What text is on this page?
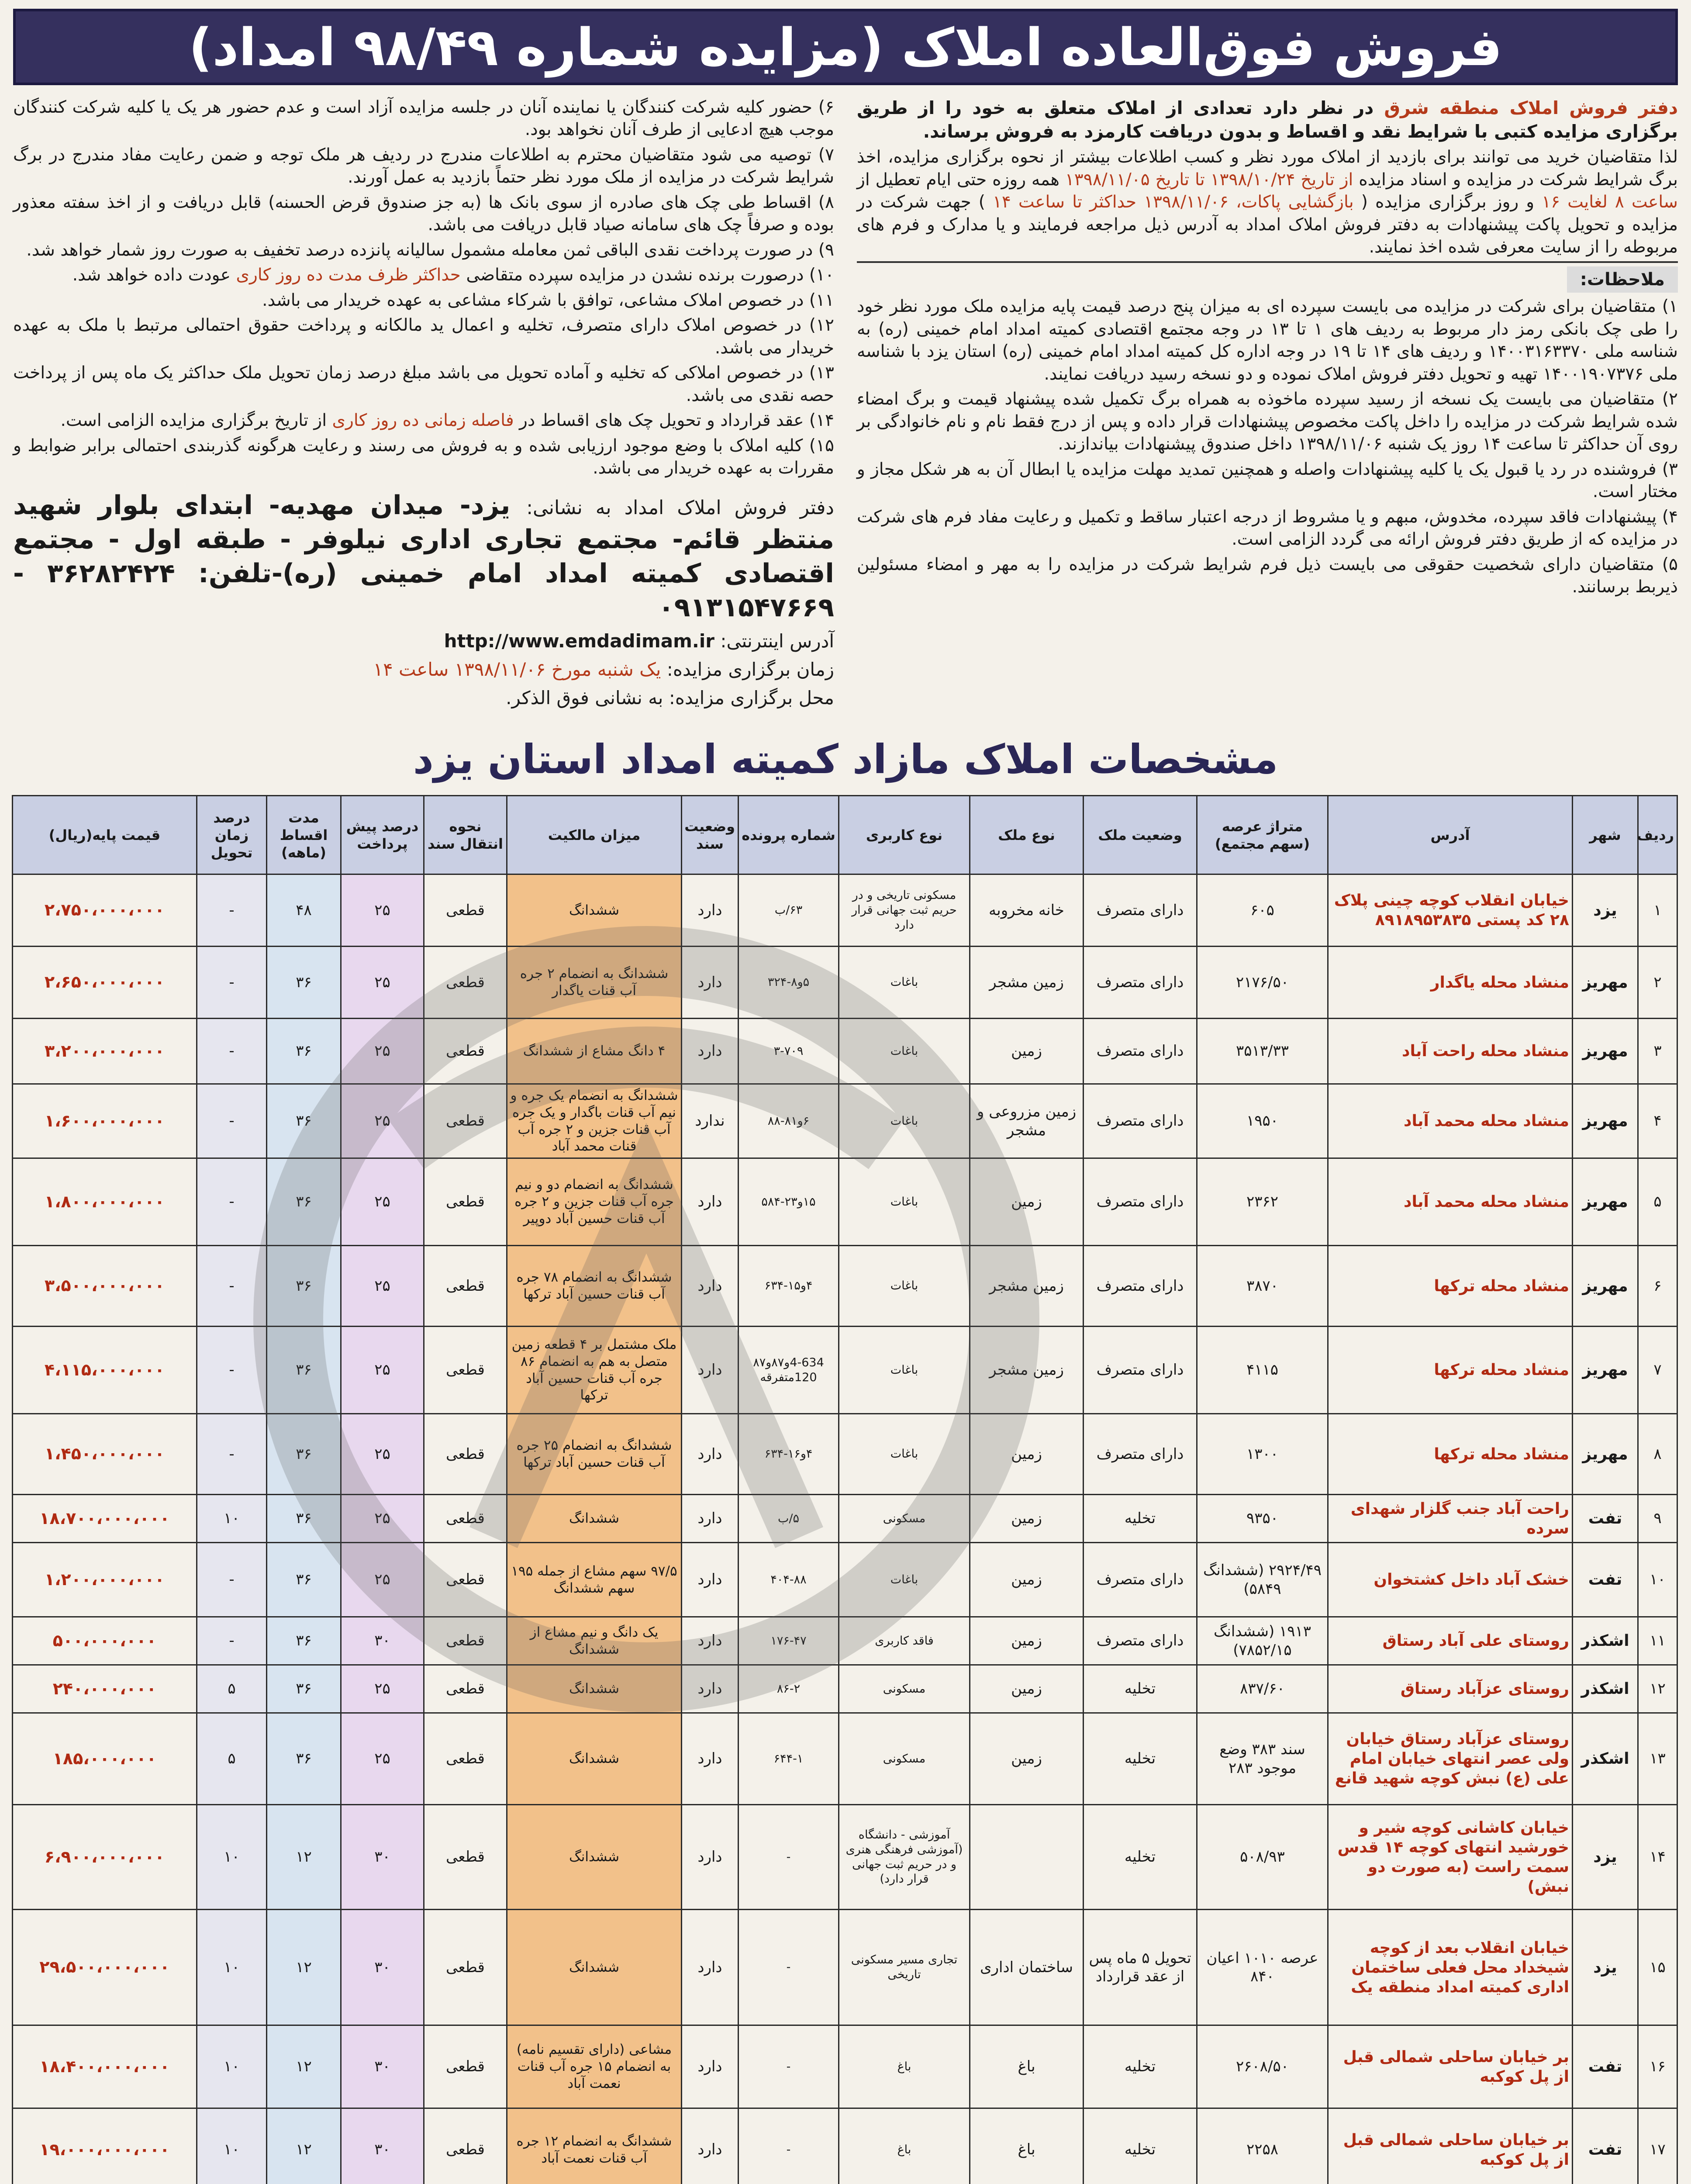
فروش فوق‌العاده املاک (مزایده شماره ۹۸/۴۹ امداد)
دفتر فروش املاک منطقه شرق در نظر دارد تعدادی از املاک متعلق به خود را از طریق برگزاری مزایده کتبی با شرایط نقد و اقساط و بدون دریافت کارمزد به فروش برساند.
لذا متقاضیان خرید می توانند برای بازدید از املاک مورد نظر و کسب اطلاعات بیشتر از نحوه برگزاری مزایده، اخذ برگ شرایط شرکت در مزایده و اسناد مزایده از تاریخ ۱۳۹۸/۱۰/۲۴ تا تاریخ ۱۳۹۸/۱۱/۰۵ همه روزه حتی ایام تعطیل از ساعت ۸ لغایت ۱۶ و روز برگزاری مزایده ( بازگشایی پاکات، ۱۳۹۸/۱۱/۰۶ حداکثر تا ساعت ۱۴ ) جهت شرکت در مزایده و تحویل پاکت پیشنهادات به دفتر فروش املاک امداد به آدرس ذیل مراجعه فرمایند و یا مدارک و فرم های مربوطه را از سایت معرفی شده اخذ نمایند.
ملاحظات:
۱) متقاضیان برای شرکت در مزایده می بایست سپرده ای به میزان پنج درصد قیمت پایه مزایده ملک مورد نظر خود را طی چک بانکی رمز دار مربوط به ردیف های ۱ تا ۱۳ در وجه مجتمع اقتصادی کمیته امداد امام خمینی (ره) به شناسه ملی ۱۴۰۰۳۱۶۳۳۷۰ و ردیف های ۱۴ تا ۱۹ در وجه اداره کل کمیته امداد امام خمینی (ره) استان یزد با شناسه ملی ۱۴۰۰۱۹۰۷۳۷۶ تهیه و تحویل دفتر فروش املاک نموده و دو نسخه رسید دریافت نمایند.
۲) متقاضیان می بایست یک نسخه از رسید سپرده ماخوذه به همراه برگ تکمیل شده پیشنهاد قیمت و برگ امضاء شده شرایط شرکت در مزایده را داخل پاکت مخصوص پیشنهادات قرار داده و پس از درج فقط نام و نام خانوادگی بر روی آن حداکثر تا ساعت ۱۴ روز یک شنبه ۱۳۹۸/۱۱/۰۶ داخل صندوق پیشنهادات بیاندازند.
۳) فروشنده در رد یا قبول یک یا کلیه پیشنهادات واصله و همچنین تمدید مهلت مزایده یا ابطال آن به هر شکل مجاز و مختار است.
۴) پیشنهادات فاقد سپرده، مخدوش، مبهم و یا مشروط از درجه اعتبار ساقط و تکمیل و رعایت مفاد فرم های شرکت در مزایده که از طریق دفتر فروش ارائه می گردد الزامی است.
۵) متقاضیان دارای شخصیت حقوقی می بایست ذیل فرم شرایط شرکت در مزایده را به مهر و امضاء مسئولین ذیربط برسانند.
۶) حضور کلیه شرکت کنندگان یا نماینده آنان در جلسه مزایده آزاد است و عدم حضور هر یک یا کلیه شرکت کنندگان موجب هیچ ادعایی از طرف آنان نخواهد بود.
۷) توصیه می شود متقاضیان محترم به اطلاعات مندرج در ردیف هر ملک توجه و ضمن رعایت مفاد مندرج در برگ شرایط شرکت در مزایده از ملک مورد نظر حتماً بازدید به عمل آورند.
۸) اقساط طی چک های صادره از سوی بانک ها (به جز صندوق قرض الحسنه) قابل دریافت و از اخذ سفته معذور بوده و صرفاً چک های سامانه صیاد قابل دریافت می باشد.
۹) در صورت پرداخت نقدی الباقی ثمن معامله مشمول سالیانه پانزده درصد تخفیف به صورت روز شمار خواهد شد.
۱۰) درصورت برنده نشدن در مزایده سپرده متقاضی حداکثر ظرف مدت ده روز کاری عودت داده خواهد شد.
۱۱) در خصوص املاک مشاعی، توافق با شرکاء مشاعی به عهده خریدار می باشد.
۱۲) در خصوص املاک دارای متصرف، تخلیه و اعمال ید مالکانه و پرداخت حقوق احتمالی مرتبط با ملک به عهده خریدار می باشد.
۱۳) در خصوص املاکی که تخلیه و آماده تحویل می باشد مبلغ درصد زمان تحویل ملک حداکثر یک ماه پس از پرداخت حصه نقدی می باشد.
۱۴) عقد قرارداد و تحویل چک های اقساط در فاصله زمانی ده روز کاری از تاریخ برگزاری مزایده الزامی است.
۱۵) کلیه املاک با وضع موجود ارزیابی شده و به فروش می رسند و رعایت هرگونه گذربندی احتمالی برابر ضوابط و مقررات به عهده خریدار می باشد.
دفتر فروش املاک امداد به نشانی: یزد- میدان مهدیه- ابتدای بلوار شهید منتظر قائم- مجتمع تجاری اداری نیلوفر - طبقه اول - مجتمع اقتصادی کمیته امداد امام خمینی (ره)-تلفن: ۳۶۲۸۲۴۲۴ - ۰۹۱۳۱۵۴۷۶۶۹
آدرس اینترنتی: http://www.emdadimam.ir
زمان برگزاری مزایده: یک شنبه مورخ ۱۳۹۸/۱۱/۰۶ ساعت ۱۴
محل برگزاری مزایده: به نشانی فوق الذکر.
مشخصات املاک مازاد کمیته امداد استان یزد
ردیف	شهر	آدرس	متراژ عرصه (سهم مجتمع)	وضعیت ملک	نوع ملک	نوع کاربری	شماره پرونده	وضعیت سند	میزان مالکیت	نحوه انتقال سند	درصد پیش پرداخت	مدت اقساط (ماهه)	درصد زمان تحویل	قیمت پایه(ریال)
۱	یزد	خیابان انقلاب کوچه چینی پلاک ۲۸ کد پستی ۸۹۱۸۹۵۳۸۳۵	۶۰۵	دارای متصرف	خانه مخروبه	مسکونی تاریخی و در حریم ثبت جهانی قرار دارد	۶۳/ب	دارد	ششدانگ	قطعی	۲۵	۴۸	-	۲،۷۵۰،۰۰۰،۰۰۰
۲	مهریز	منشاد محله یاگدار	۲۱۷۶/۵۰	دارای متصرف	زمین مشجر	باغات	۵و۸-۳۲۴	دارد	ششدانگ به انضمام ۲ جره آب قنات یاگدار	قطعی	۲۵	۳۶	-	۲،۶۵۰،۰۰۰،۰۰۰
۳	مهریز	منشاد محله راحت آباد	۳۵۱۳/۳۳	دارای متصرف	زمین	باغات	۳-۷۰۹	دارد	۴ دانگ مشاع از ششدانگ	قطعی	۲۵	۳۶	-	۳،۲۰۰،۰۰۰،۰۰۰
۴	مهریز	منشاد محله محمد آباد	۱۹۵۰	دارای متصرف	زمین مزروعی و مشجر	باغات	۶و۸۱-۸۸	ندارد	ششدانگ به انضمام یک جره و نیم آب قنات باگدار و یک جره آب قنات جزین و ۲ جره آب قنات محمد آباد	قطعی	۲۵	۳۶	-	۱،۶۰۰،۰۰۰،۰۰۰
۵	مهریز	منشاد محله محمد آباد	۲۳۶۲	دارای متصرف	زمین	باغات	۱۵و۲۳-۵۸۴	دارد	ششدانگ به انضمام دو و نیم جره آب قنات جزین و ۲ جره آب قنات حسین آباد دوپیر	قطعی	۲۵	۳۶	-	۱،۸۰۰،۰۰۰،۰۰۰
۶	مهریز	منشاد محله ترکها	۳۸۷۰	دارای متصرف	زمین مشجر	باغات	۴و۱۵-۶۳۴	دارد	ششدانگ به انضمام ۷۸ جره آب قنات حسین آباد ترکها	قطعی	۲۵	۳۶	-	۳،۵۰۰،۰۰۰،۰۰۰
۷	مهریز	منشاد محله ترکها	۴۱۱۵	دارای متصرف	زمین مشجر	باغات	4-634و۸۷و۸۷ 120متفرقه	دارد	ملک مشتمل بر ۴ قطعه زمین متصل به هم به انضمام ۸۶ جره آب قنات حسین آباد ترکها	قطعی	۲۵	۳۶	-	۴،۱۱۵،۰۰۰،۰۰۰
۸	مهریز	منشاد محله ترکها	۱۳۰۰	دارای متصرف	زمین	باغات	۴و۱۶-۶۳۴	دارد	ششدانگ به انضمام ۲۵ جره آب قنات حسین آباد ترکها	قطعی	۲۵	۳۶	-	۱،۴۵۰،۰۰۰،۰۰۰
۹	تفت	راحت آباد جنب گلزار شهدای سرده	۹۳۵۰	تخلیه	زمین	مسکونی	۵/ب	دارد	ششدانگ	قطعی	۲۵	۳۶	۱۰	۱۸،۷۰۰،۰۰۰،۰۰۰
۱۰	تفت	خشک آباد داخل کشتخوان	۲۹۲۴/۴۹ (ششدانگ ۵۸۴۹)	دارای متصرف	زمین	باغات	۴۰۴-۸۸	دارد	۹۷/۵ سهم مشاع از جمله ۱۹۵ سهم ششدانگ	قطعی	۲۵	۳۶	-	۱،۲۰۰،۰۰۰،۰۰۰
۱۱	اشکذر	روستای علی آباد رستاق	۱۹۱۳ (ششدانگ ۷۸۵۲/۱۵)	دارای متصرف	زمین	فاقد کاربری	۱۷۶-۴۷	دارد	یک دانگ و نیم مشاع از ششدانگ	قطعی	۳۰	۳۶	-	۵۰۰،۰۰۰،۰۰۰
۱۲	اشکذر	روستای عزآباد رستاق	۸۳۷/۶۰	تخلیه	زمین	مسکونی	۸۶-۲	دارد	ششدانگ	قطعی	۲۵	۳۶	۵	۲۴۰،۰۰۰،۰۰۰
۱۳	اشکذر	روستای عزآباد رستاق خیابان ولی عصر انتهای خیابان امام علی (ع) نبش کوچه شهید قانع	سند ۳۸۳ وضع موجود ۲۸۳	تخلیه	زمین	مسکونی	۶۴۴-۱	دارد	ششدانگ	قطعی	۲۵	۳۶	۵	۱۸۵،۰۰۰،۰۰۰
۱۴	یزد	خیابان کاشانی کوچه شیر و خورشید انتهای کوچه ۱۴ قدس سمت راست (به صورت دو نبش)	۵۰۸/۹۳	تخلیه		آموزشی - دانشگاه (آموزشی فرهنگی هنری و در حریم ثبت جهانی قرار دارد)	-	دارد	ششدانگ	قطعی	۳۰	۱۲	۱۰	۶،۹۰۰،۰۰۰،۰۰۰
۱۵	یزد	خیابان انقلاب بعد از کوچه شیخداد محل فعلی ساختمان اداری کمیته امداد منطقه یک	عرصه ۱۰۱۰ اعیان ۸۴۰	تحویل ۵ ماه پس از عقد قرارداد	ساختمان اداری	تجاری مسیر مسکونی تاریخی	-	دارد	ششدانگ	قطعی	۳۰	۱۲	۱۰	۲۹،۵۰۰،۰۰۰،۰۰۰
۱۶	تفت	بر خیابان ساحلی شمالی قبل از پل کوکبه	۲۶۰۸/۵۰	تخلیه	باغ	باغ	-	دارد	مشاعی (دارای تقسیم نامه) به انضمام ۱۵ جره آب قنات نعمت آباد	قطعی	۳۰	۱۲	۱۰	۱۸،۴۰۰،۰۰۰،۰۰۰
۱۷	تفت	بر خیابان ساحلی شمالی قبل از پل کوکبه	۲۲۵۸	تخلیه	باغ	باغ	-	دارد	ششدانگ به انضمام ۱۲ جره آب قنات نعمت آباد	قطعی	۳۰	۱۲	۱۰	۱۹،۰۰۰،۰۰۰،۰۰۰
